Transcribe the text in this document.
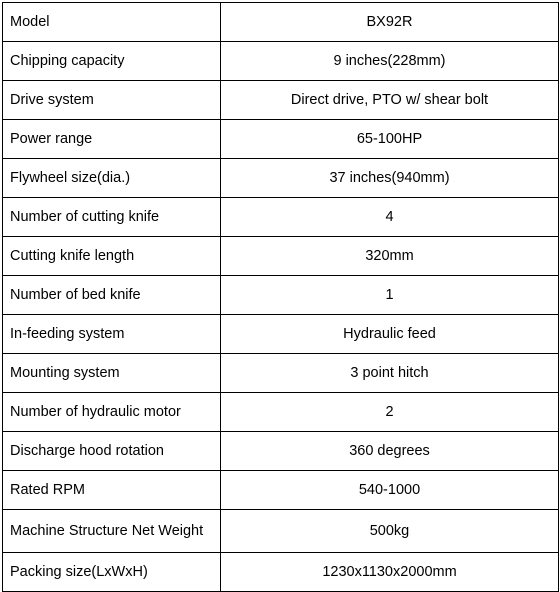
Model	BX92R
Chipping capacity	9 inches(228mm)
Drive system	Direct drive, PTO w/ shear bolt
Power range	65-100HP
Flywheel size(dia.)	37 inches(940mm)
Number of cutting knife	4
Cutting knife length	320mm
Number of bed knife	1
In-feeding system	Hydraulic feed
Mounting system	3 point hitch
Number of hydraulic motor	2
Discharge hood rotation	360 degrees
Rated RPM	540-1000
Machine Structure Net Weight	500kg
Packing size(LxWxH)	1230x1130x2000mm
